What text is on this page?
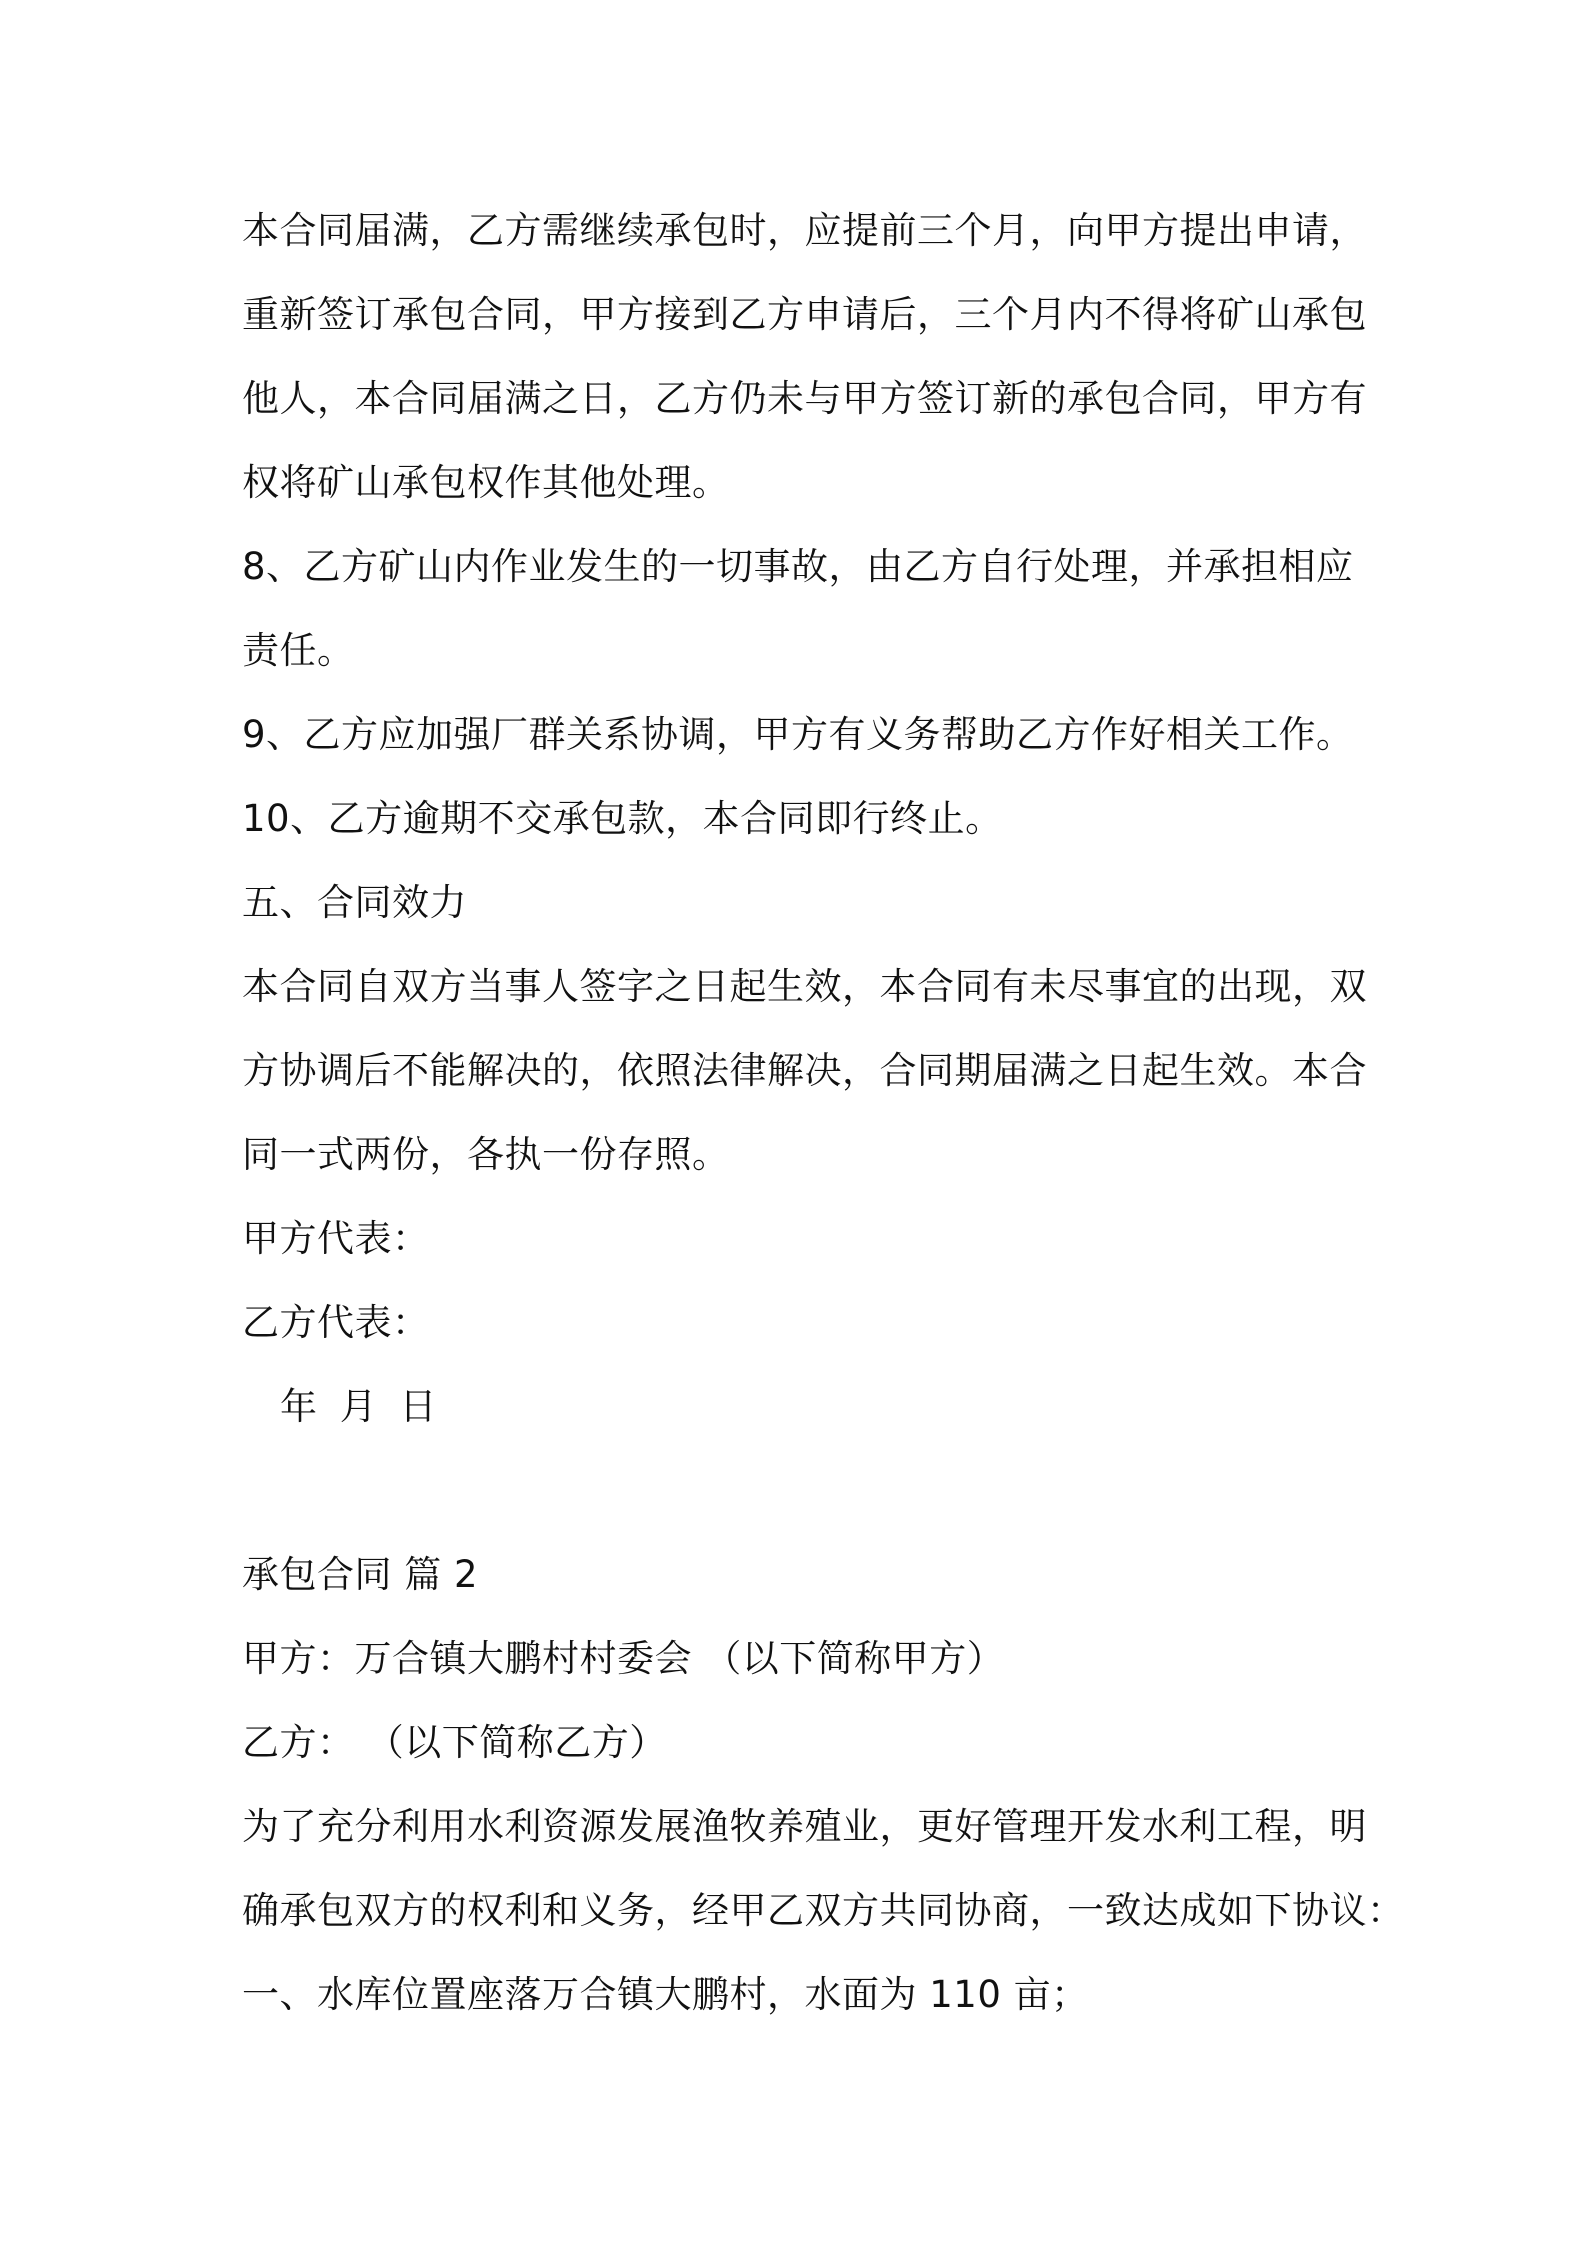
本合同届满，乙方需继续承包时，应提前三个月，向甲方提出申请，
重新签订承包合同，甲方接到乙方申请后，三个月内不得将矿山承包
他人，本合同届满之日，乙方仍未与甲方签订新的承包合同，甲方有
权将矿山承包权作其他处理。
8、乙方矿山内作业发生的一切事故，由乙方自行处理，并承担相应
责任。
9、乙方应加强厂群关系协调，甲方有义务帮助乙方作好相关工作。
10、乙方逾期不交承包款，本合同即行终止。
五、合同效力
本合同自双方当事人签字之日起生效，本合同有未尽事宜的出现，双
方协调后不能解决的，依照法律解决，合同期届满之日起生效。本合
同一式两份，各执一份存照。
甲方代表：
乙方代表：
年 月 日
承包合同 篇 2
甲方：万合镇大鹏村村委会 （以下简称甲方）
乙方： （以下简称乙方）
为了充分利用水利资源发展渔牧养殖业，更好管理开发水利工程，明
确承包双方的权利和义务，经甲乙双方共同协商，一致达成如下协议：
一、水库位置座落万合镇大鹏村，水面为 110 亩；
